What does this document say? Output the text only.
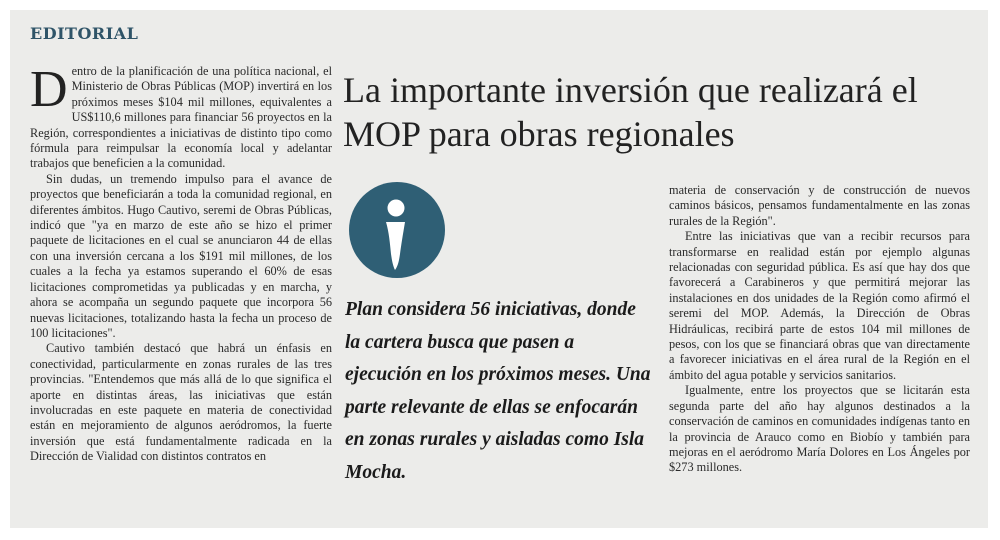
EDITORIAL

Dentro de la planificación de una política nacional, el Ministerio de Obras Públicas (MOP) invertirá en los próximos meses $104 mil millones, equivalentes a US$110,6 millones para financiar 56 proyectos en la Región, correspondientes a iniciativas de distinto tipo como fórmula para reimpulsar la economía local y adelantar trabajos que beneficien a la comunidad.

Sin dudas, un tremendo impulso para el avance de proyectos que beneficiarán a toda la comunidad regional, en diferentes ámbitos. Hugo Cautivo, seremi de Obras Públicas, indicó que "ya en marzo de este año se hizo el primer paquete de licitaciones en el cual se anunciaron 44 de ellas con una inversión cercana a los $191 mil millones, de los cuales a la fecha ya estamos superando el 60% de esas licitaciones comprometidas ya publicadas y en marcha, y ahora se acompaña un segundo paquete que incorpora 56 nuevas licitaciones, totalizando hasta la fecha un proceso de 100 licitaciones".

Cautivo también destacó que habrá un énfasis en conectividad, particularmente en zonas rurales de las tres provincias. "Entendemos que más allá de lo que significa el aporte en distintas áreas, las iniciativas que están involucradas en este paquete en materia de conectividad están en mejoramiento de algunos aeródromos, la fuerte inversión que está fundamentalmente radicada en la Dirección de Vialidad con distintos contratos en

La importante inversión que realizará el MOP para obras regionales
Plan considera 56 iniciativas, donde la cartera busca que pasen a ejecución en los próximos meses. Una parte relevante de ellas se enfocarán en zonas rurales y aisladas como Isla Mocha.

materia de conservación y de construcción de nuevos caminos básicos, pensamos fundamentalmente en las zonas rurales de la Región".

Entre las iniciativas que van a recibir recursos para transformarse en realidad están por ejemplo algunas relacionadas con seguridad pública. Es así que hay dos que favorecerá a Carabineros y que permitirá mejorar las instalaciones en dos unidades de la Región como afirmó el seremi del MOP. Además, la Dirección de Obras Hidráulicas, recibirá parte de estos 104 mil millones de pesos, con los que se financiará obras que van directamente a favorecer iniciativas en el área rural de la Región en el ámbito del agua potable y servicios sanitarios.

Igualmente, entre los proyectos que se licitarán esta segunda parte del año hay algunos destinados a la conservación de caminos en comunidades indígenas tanto en la provincia de Arauco como en Biobío y también para mejoras en el aeródromo María Dolores en Los Ángeles por $273 millones.
